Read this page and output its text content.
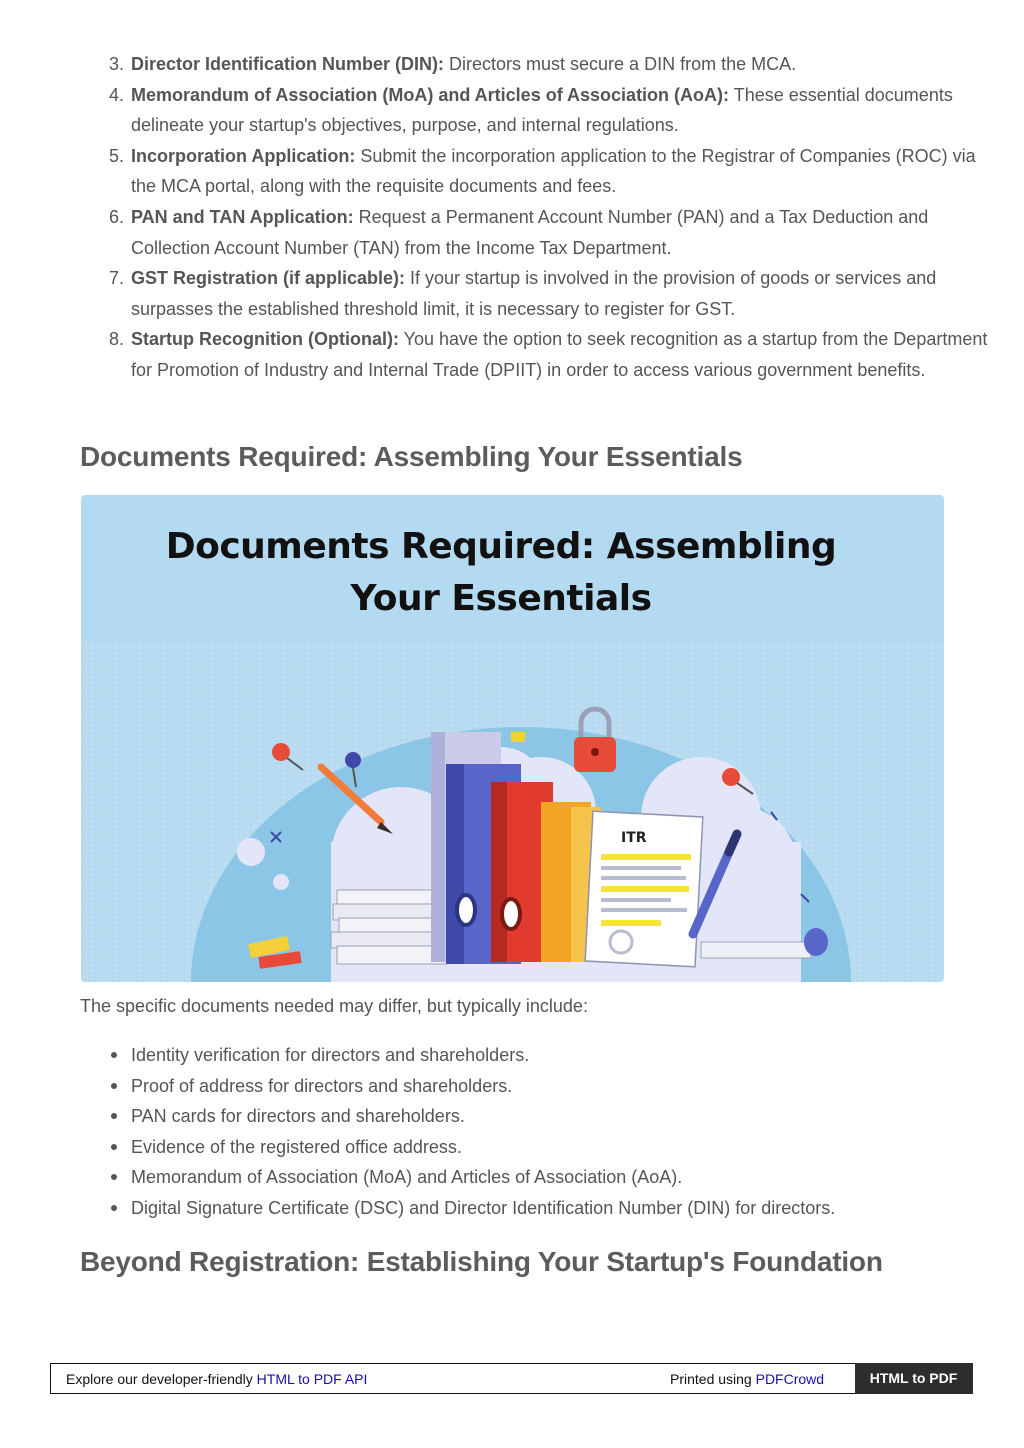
3. Director Identification Number (DIN): Directors must secure a DIN from the MCA.
4. Memorandum of Association (MoA) and Articles of Association (AoA): These essential documents delineate your startup's objectives, purpose, and internal regulations.
5. Incorporation Application: Submit the incorporation application to the Registrar of Companies (ROC) via the MCA portal, along with the requisite documents and fees.
6. PAN and TAN Application: Request a Permanent Account Number (PAN) and a Tax Deduction and Collection Account Number (TAN) from the Income Tax Department.
7. GST Registration (if applicable): If your startup is involved in the provision of goods or services and surpasses the established threshold limit, it is necessary to register for GST.
8. Startup Recognition (Optional): You have the option to seek recognition as a startup from the Department for Promotion of Industry and Internal Trade (DPIIT) in order to access various government benefits.
Documents Required: Assembling Your Essentials
Documents Required: Assembling
Your Essentials
ITR

The specific documents needed may differ, but typically include:

Identity verification for directors and shareholders.
Proof of address for directors and shareholders.
PAN cards for directors and shareholders.
Evidence of the registered office address.
Memorandum of Association (MoA) and Articles of Association (AoA).
Digital Signature Certificate (DSC) and Director Identification Number (DIN) for directors.
Beyond Registration: Establishing Your Startup's Foundation
Explore our developer-friendly HTML to PDF API	Printed using PDFCrowd	HTML to PDF
